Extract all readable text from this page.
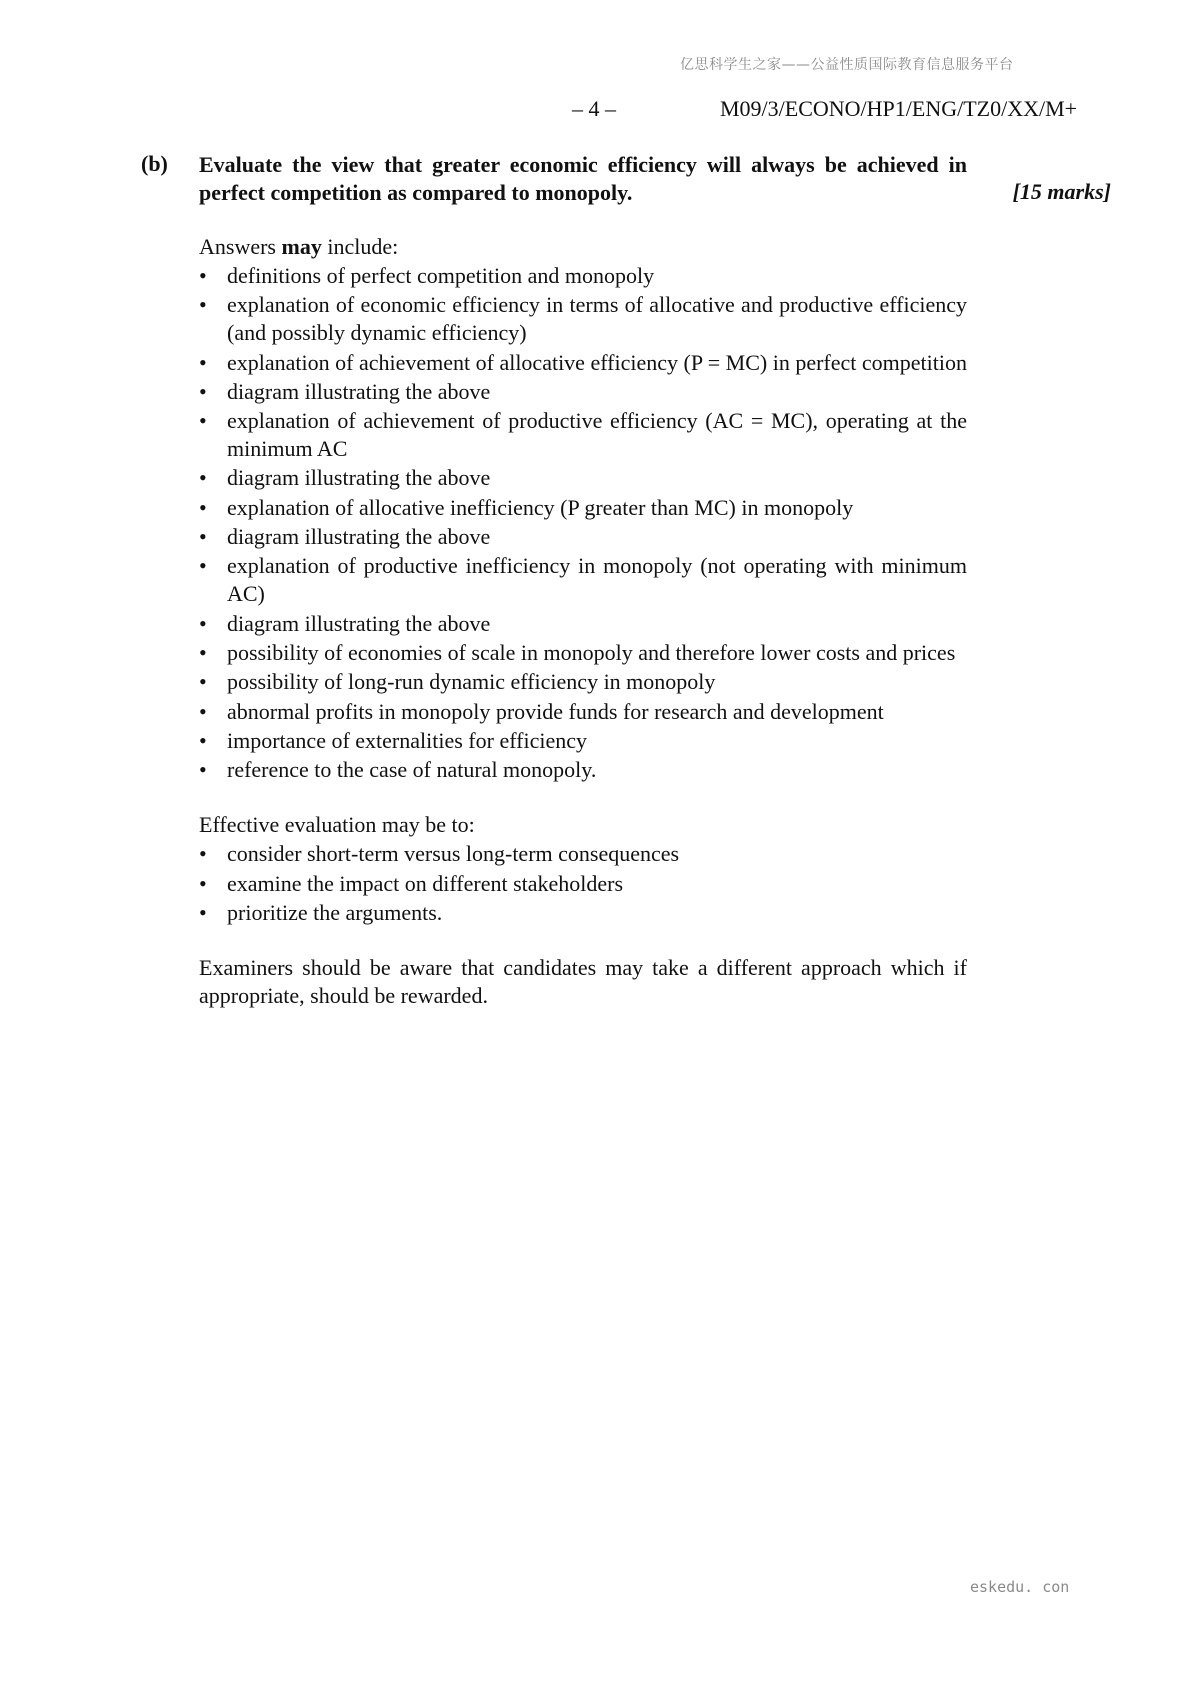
亿思科学生之家——公益性质国际教育信息服务平台
– 4 –	M09/3/ECONO/HP1/ENG/TZ0/XX/M+
(b) Evaluate the view that greater economic efficiency will always be achieved in perfect competition as compared to monopoly.	[15 marks]

Answers may include:

• definitions of perfect competition and monopoly
• explanation of economic efficiency in terms of allocative and productive efficiency (and possibly dynamic efficiency)
• explanation of achievement of allocative efficiency (P = MC) in perfect competition
• diagram illustrating the above
• explanation of achievement of productive efficiency (AC = MC), operating at the minimum AC
• diagram illustrating the above
• explanation of allocative inefficiency (P greater than MC) in monopoly
• diagram illustrating the above
• explanation of productive inefficiency in monopoly (not operating with minimum AC)
• diagram illustrating the above
• possibility of economies of scale in monopoly and therefore lower costs and prices
• possibility of long-run dynamic efficiency in monopoly
• abnormal profits in monopoly provide funds for research and development
• importance of externalities for efficiency
• reference to the case of natural monopoly.

Effective evaluation may be to:

• consider short-term versus long-term consequences
• examine the impact on different stakeholders
• prioritize the arguments.

Examiners should be aware that candidates may take a different approach which if appropriate, should be rewarded.

eskedu. con
